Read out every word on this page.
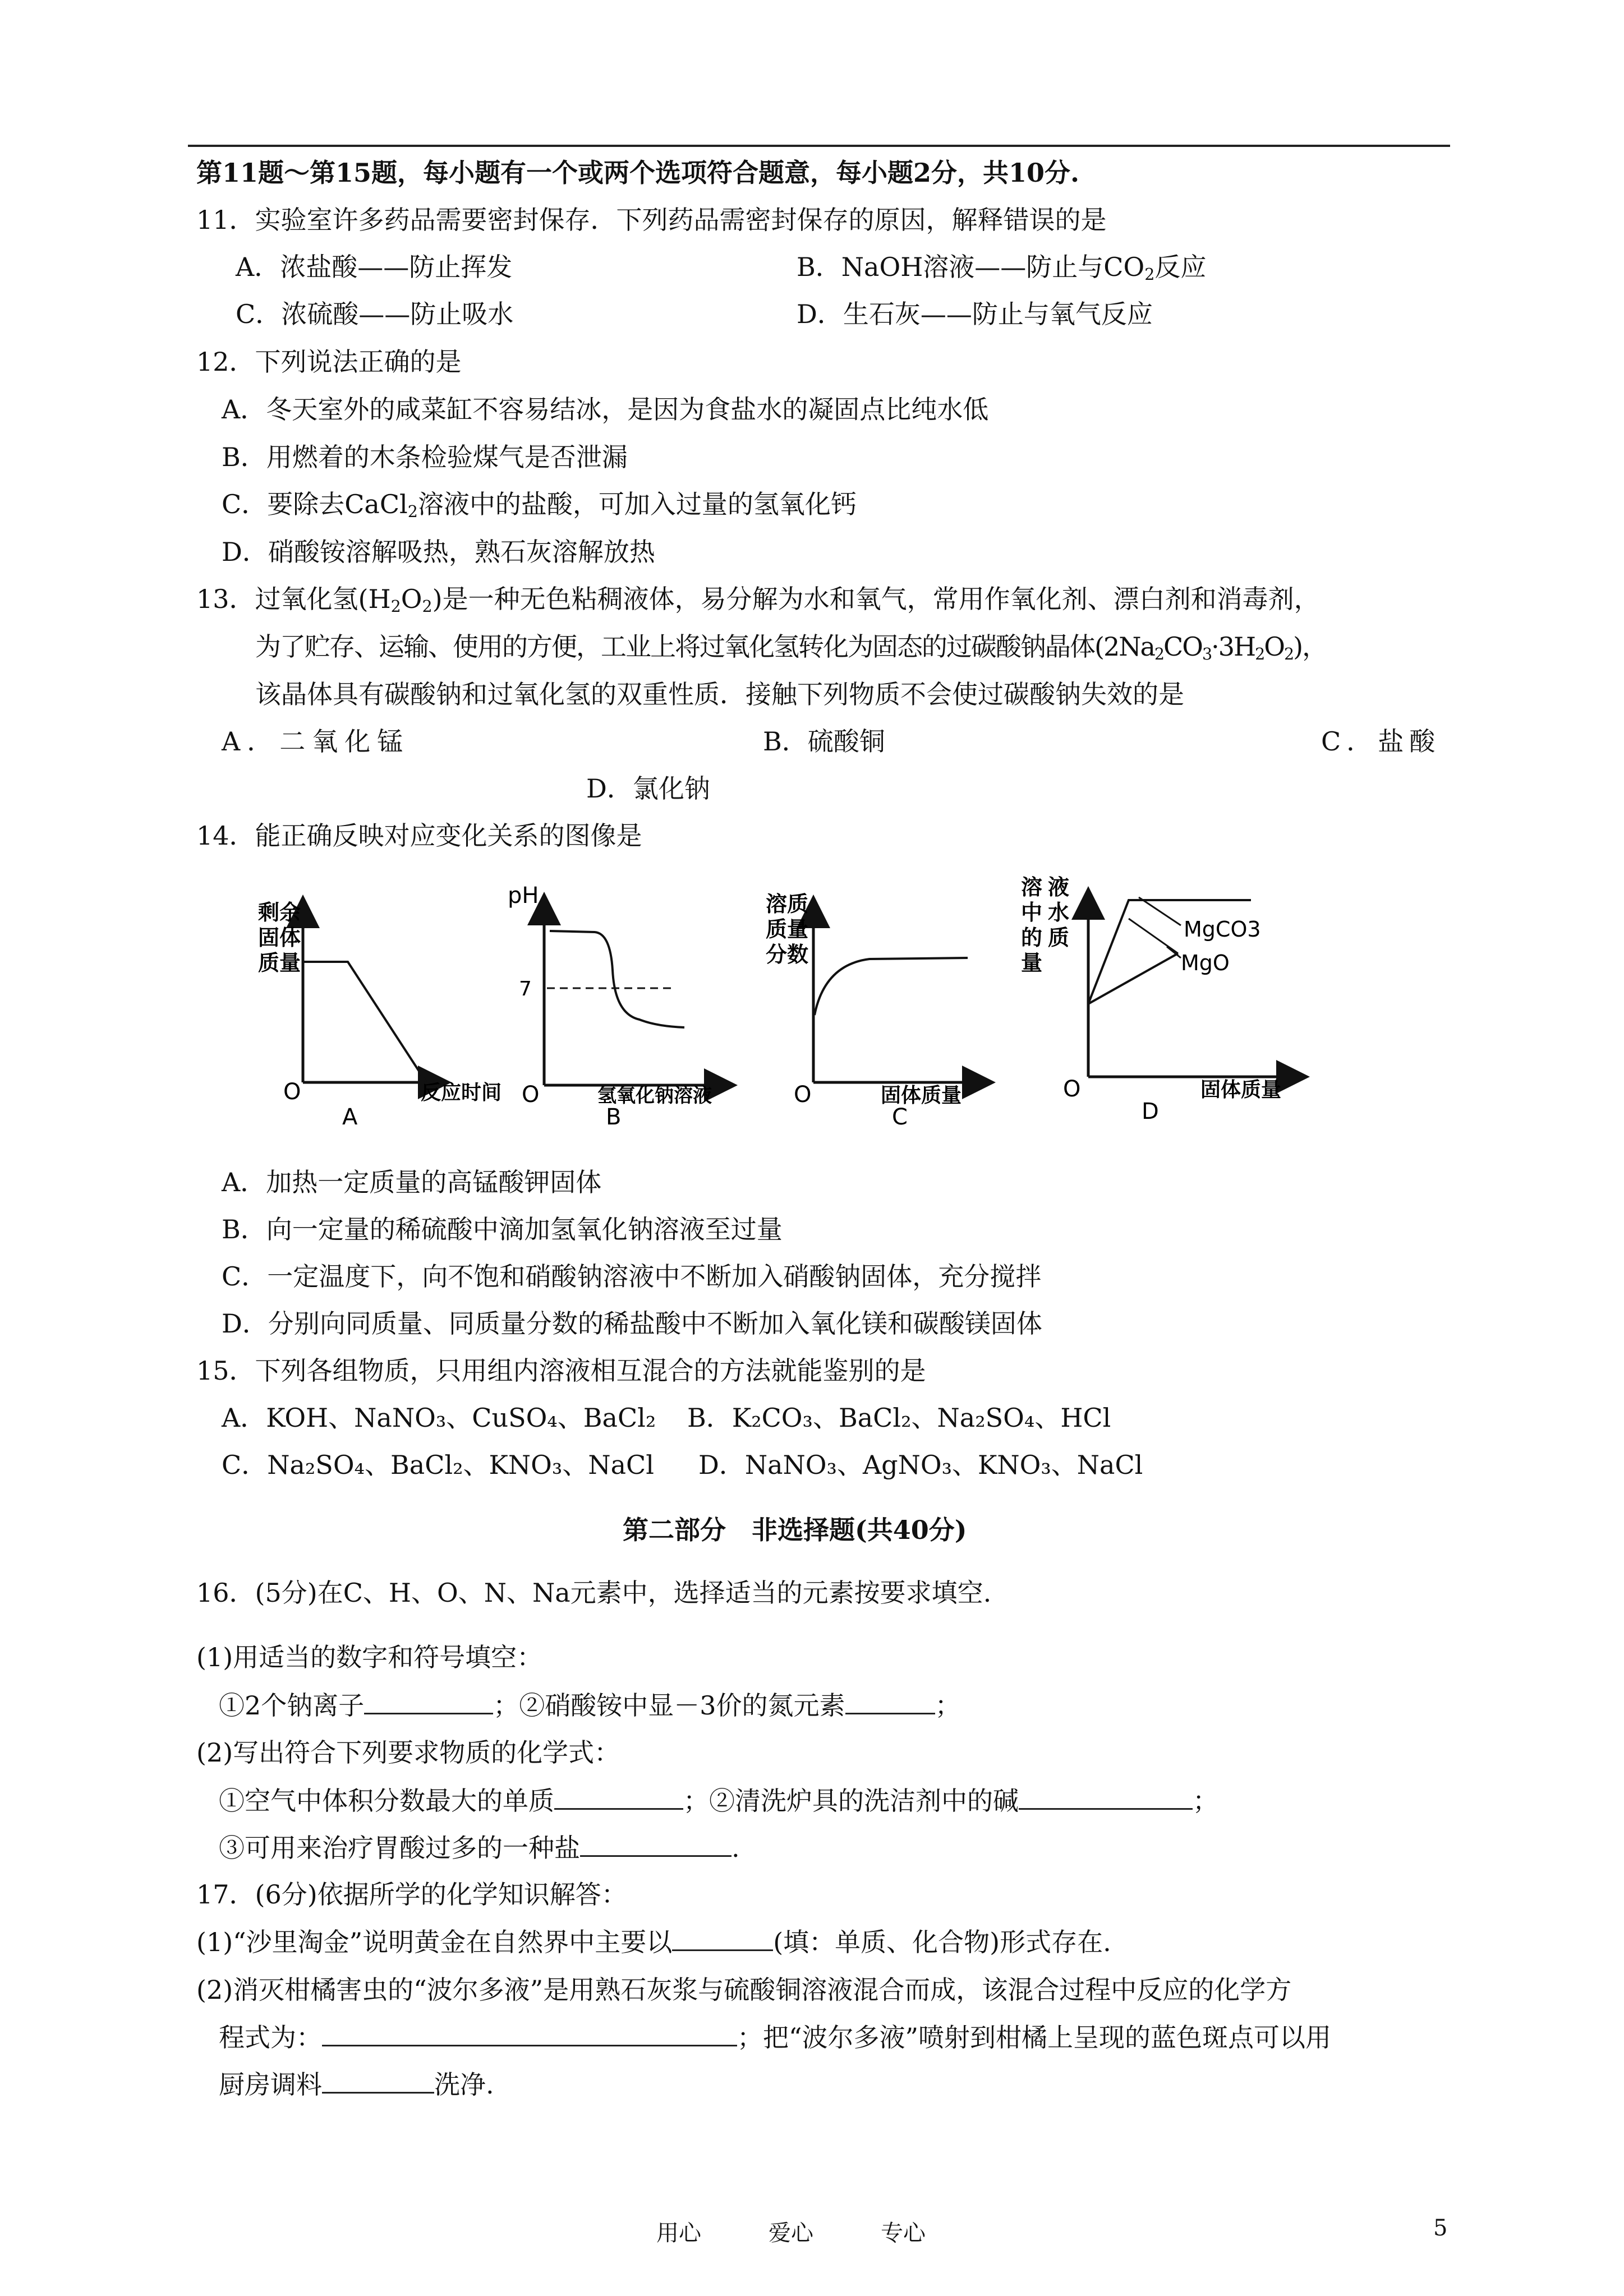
第11题～第15题，每小题有一个或两个选项符合题意，每小题2分，共10分.
11．实验室许多药品需要密封保存．下列药品需密封保存的原因，解释错误的是
A．浓盐酸——防止挥发	B．NaOH溶液——防止与$CO_2$反应
C．浓硫酸——防止吸水	D．生石灰——防止与氧气反应
12．下列说法正确的是
A．冬天室外的咸菜缸不容易结冰，是因为食盐水的凝固点比纯水低
B．用燃着的木条检验煤气是否泄漏
C．要除去CaCl$_2$溶液中的盐酸，可加入过量的氢氧化钙
D．硝酸铵溶解吸热，熟石灰溶解放热
13．过氧化氢$(H_2O_2)$是一种无色粘稠液体，易分解为水和氧气，常用作氧化剂、漂白剂和消毒剂，
为了贮存、运输、使用的方便，工业上将过氧化氢转化为固态的过碳酸钠晶体$(2Na_2CO_3\cdot 3H_2O_2)$，
该晶体具有碳酸钠和过氧化氢的双重性质．接触下列物质不会使过碳酸钠失效的是
A．二氧化锰	B．硫酸铜	C．盐酸
D．氯化钠
14．能正确反映对应变化关系的图像是
剩余
固体
质量
O	反应时间
A
pH
7
O	氢氧化钠溶液
B
溶质
质量
分数
O	固体质量
C
MgCO3
MgO
溶
中
的
量
液
水
质
O	固体质量
D
A．加热一定质量的高锰酸钾固体
B．向一定量的稀硫酸中滴加氢氧化钠溶液至过量
C．一定温度下，向不饱和硝酸钠溶液中不断加入硝酸钠固体，充分搅拌
D．分别向同质量、同质量分数的稀盐酸中不断加入氧化镁和碳酸镁固体
15．下列各组物质，只用组内溶液相互混合的方法就能鉴别的是
A．KOH、NaNO₃、CuSO₄、BaCl₂ B．K₂CO₃、BaCl₂、Na₂SO₄、HCl
C．Na₂SO₄、BaCl₂、KNO₃、NaCl D．NaNO₃、AgNO₃、KNO₃、NaCl
第二部分　非选择题(共40分)
16．(5分)在C、H、O、N、Na元素中，选择适当的元素按要求填空.
(1)用适当的数字和符号填空：
①2个钠离子	；②硝酸铵中显－3价的氮元素	；
(2)写出符合下列要求物质的化学式：
①空气中体积分数最大的单质	；②清洗炉具的洗洁剂中的碱	；
③可用来治疗胃酸过多的一种盐	.
17．(6分)依据所学的化学知识解答：
(1)“沙里淘金”说明黄金在自然界中主要以	(填：单质、化合物)形式存在.
(2)消灭柑橘害虫的“波尔多液”是用熟石灰浆与硫酸铜溶液混合而成，该混合过程中反应的化学方
程式为：	；把“波尔多液”喷射到柑橘上呈现的蓝色斑点可以用
厨房调料	洗净.
用心	爱心	专心	5
